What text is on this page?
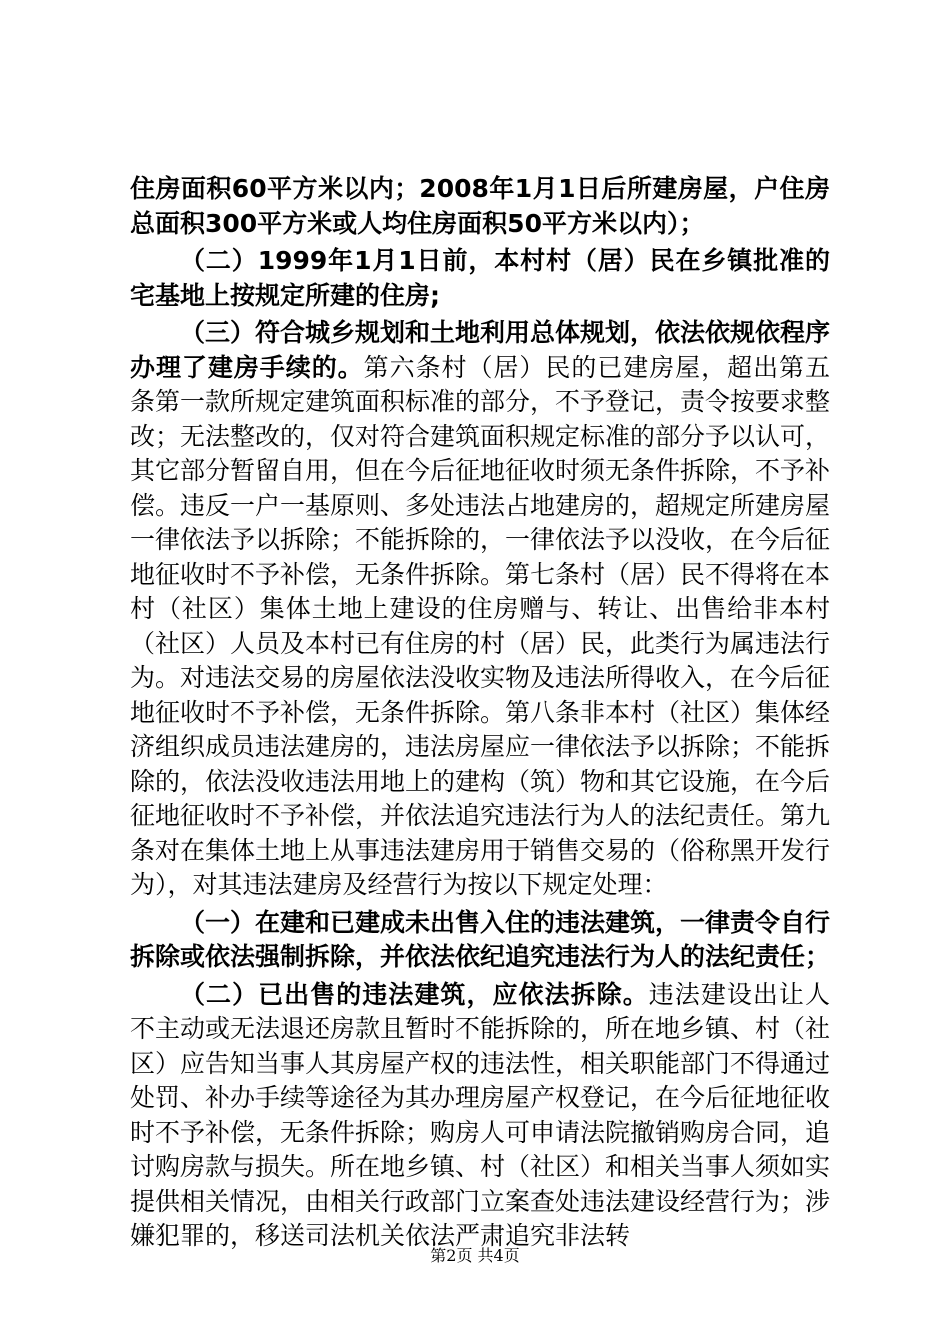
住房面积60平方米以内；2008年1月1日后所建房屋，户住房总面积300平方米或人均住房面积50平方米以内）；

（二）1999年1月1日前，本村村（居）民在乡镇批准的宅基地上按规定所建的住房;

（三）符合城乡规划和土地利用总体规划，依法依规依程序办理了建房手续的。第六条村（居）民的已建房屋，超出第五条第一款所规定建筑面积标准的部分，不予登记，责令按要求整改；无法整改的，仅对符合建筑面积规定标准的部分予以认可，其它部分暂留自用，但在今后征地征收时须无条件拆除，不予补偿。违反一户一基原则、多处违法占地建房的，超规定所建房屋一律依法予以拆除；不能拆除的，一律依法予以没收，在今后征地征收时不予补偿，无条件拆除。第七条村（居）民不得将在本村（社区）集体土地上建设的住房赠与、转让、出售给非本村（社区）人员及本村已有住房的村（居）民，此类行为属违法行为。对违法交易的房屋依法没收实物及违法所得收入，在今后征地征收时不予补偿，无条件拆除。第八条非本村（社区）集体经济组织成员违法建房的，违法房屋应一律依法予以拆除；不能拆除的，依法没收违法用地上的建构（筑）物和其它设施，在今后征地征收时不予补偿，并依法追究违法行为人的法纪责任。第九条对在集体土地上从事违法建房用于销售交易的（俗称黑开发行为），对其违法建房及经营行为按以下规定处理：

（一）在建和已建成未出售入住的违法建筑，一律责令自行拆除或依法强制拆除，并依法依纪追究违法行为人的法纪责任；

（二）已出售的违法建筑，应依法拆除。违法建设出让人不主动或无法退还房款且暂时不能拆除的，所在地乡镇、村（社区）应告知当事人其房屋产权的违法性，相关职能部门不得通过处罚、补办手续等途径为其办理房屋产权登记，在今后征地征收时不予补偿，无条件拆除；购房人可申请法院撤销购房合同，追讨购房款与损失。所在地乡镇、村（社区）和相关当事人须如实提供相关情况，由相关行政部门立案查处违法建设经营行为；涉嫌犯罪的，移送司法机关依法严肃追究非法转

第2页 共4页
